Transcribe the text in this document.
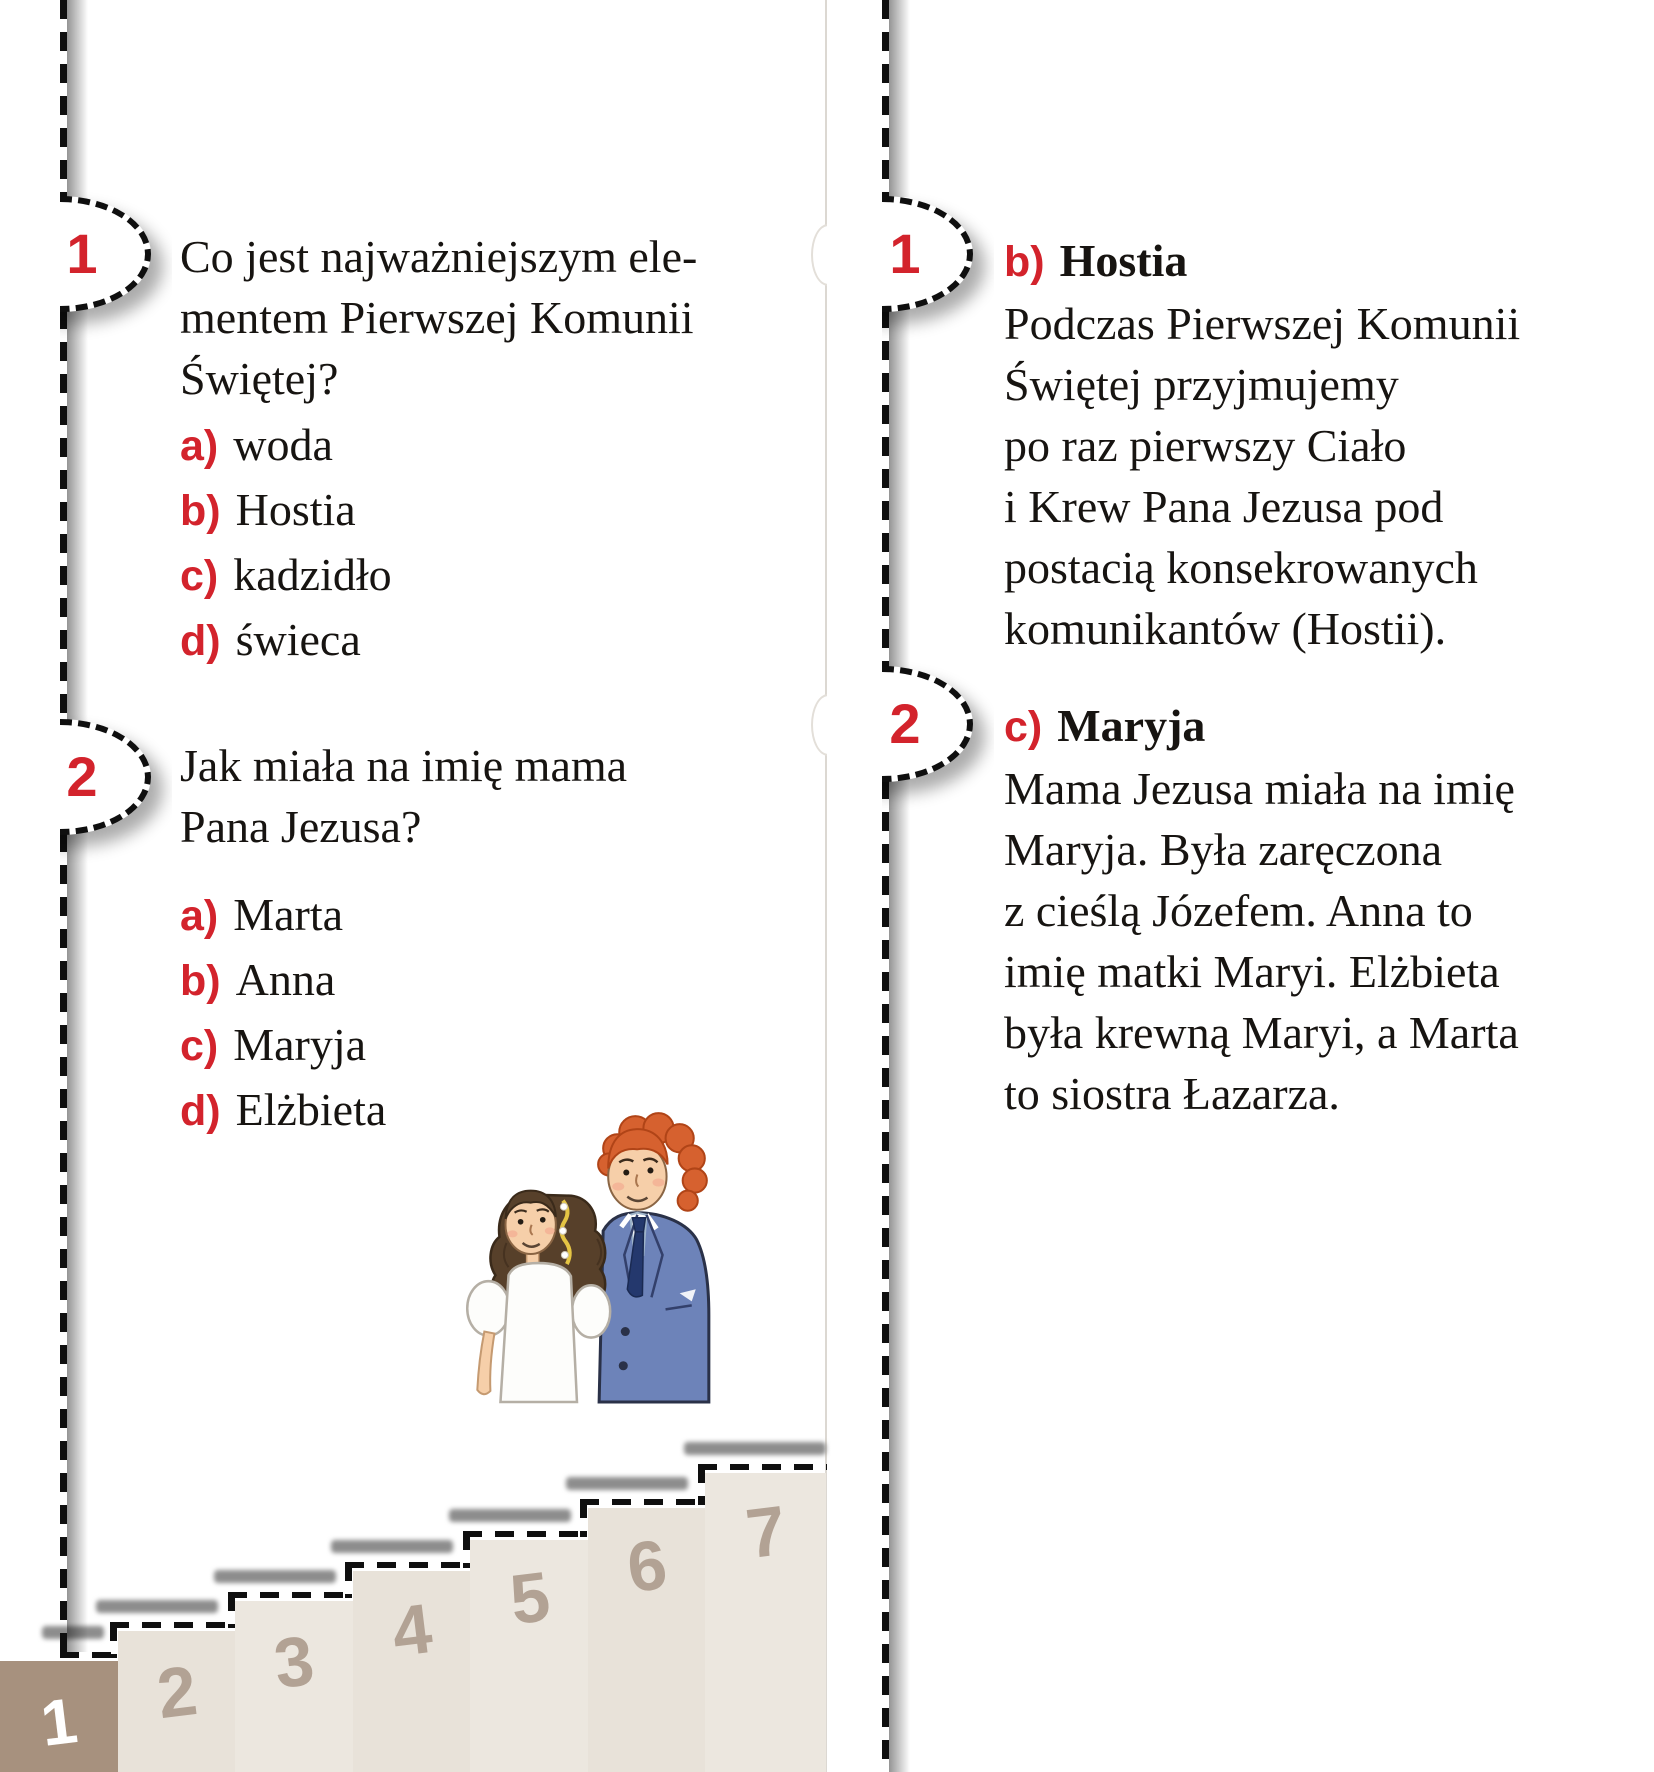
1
2
1
2
Co jest najważniejszym ele-
mentem Pierwszej Komunii
Świętej?
a) woda
b) Hostia
c) kadzidło
d) świeca
Jak miała na imię mama
Pana Jezusa?
a) Marta
b) Anna
c) Maryja
d) Elżbieta
b) Hostia
Podczas Pierwszej Komunii
Świętej przyjmujemy
po raz pierwszy Ciało
i Krew Pana Jezusa pod
postacią konsekrowanych
komunikantów (Hostii).
c) Maryja
Mama Jezusa miała na imię
Maryja. Była zaręczona
z cieślą Józefem. Anna to
imię matki Maryi. Elżbieta
była krewną Maryi, a Marta
to siostra Łazarza.
1	2 3 4 5 6 7
